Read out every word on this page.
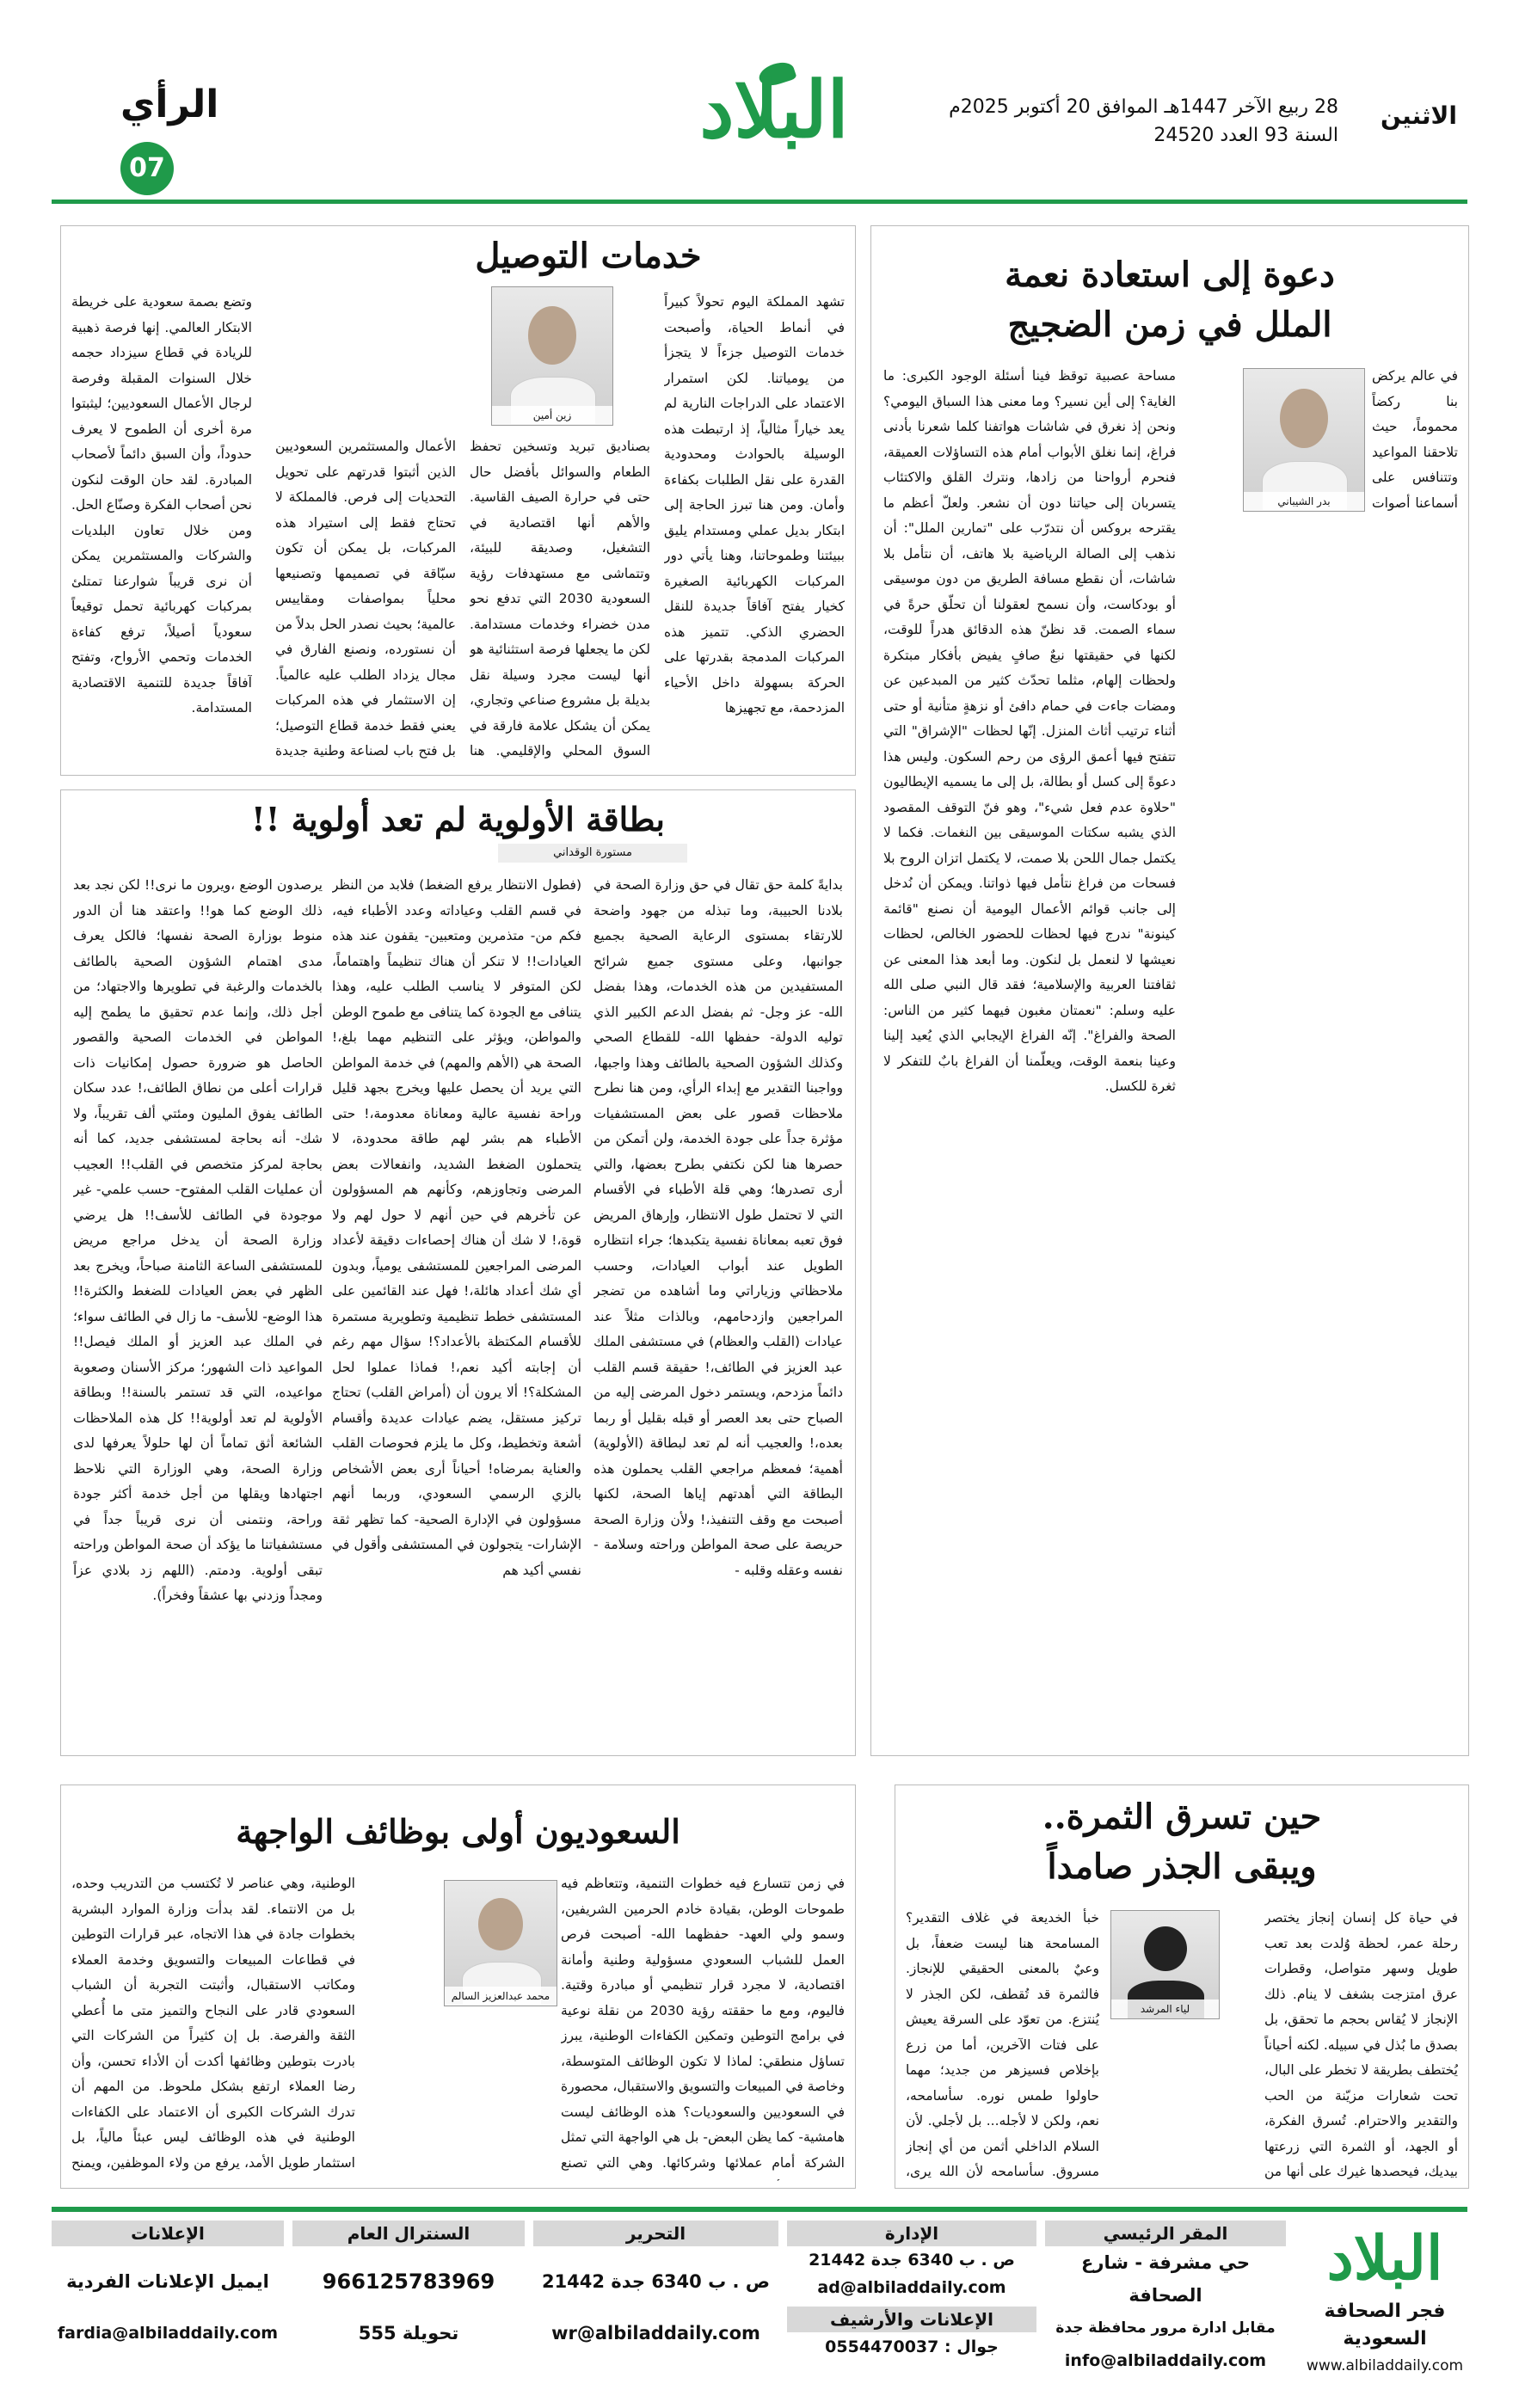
الاثنين
28 ربيع الآخر 1447هـ الموافق 20 أكتوبر 2025م
السنة 93 العدد 24520
البلاد
الرأي
07
خدمات التوصيل
زين أمين
تشهد المملكة اليوم تحولاً كبيراً في أنماط الحياة، وأصبحت خدمات التوصيل جزءاً لا يتجزأ من يومياتنا. لكن استمرار الاعتماد على الدراجات النارية لم يعد خياراً مثالياً، إذ ارتبطت هذه الوسيلة بالحوادث ومحدودية القدرة على نقل الطلبات بكفاءة وأمان. ومن هنا تبرز الحاجة إلى ابتكار بديل عملي ومستدام يليق ببيئتنا وطموحاتنا، وهنا يأتي دور المركبات الكهربائية الصغيرة كخيار يفتح آفاقاً جديدة للنقل الحضري الذكي. تتميز هذه المركبات المدمجة بقدرتها على الحركة بسهولة داخل الأحياء المزدحمة، مع تجهيزها
بصناديق تبريد وتسخين تحفظ الطعام والسوائل بأفضل حال حتى في حرارة الصيف القاسية. والأهم أنها اقتصادية في التشغيل، وصديقة للبيئة، وتتماشى مع مستهدفات رؤية السعودية 2030 التي تدفع نحو مدن خضراء وخدمات مستدامة. لكن ما يجعلها فرصة استثنائية هو أنها ليست مجرد وسيلة نقل بديلة بل مشروع صناعي وتجاري، يمكن أن يشكل علامة فارقة في السوق المحلي والإقليمي. هنا
الأعمال والمستثمرين السعوديين الذين أثبتوا قدرتهم على تحويل التحديات إلى فرص. فالمملكة لا تحتاج فقط إلى استيراد هذه المركبات، بل يمكن أن تكون سبّاقة في تصميمها وتصنيعها محلياً بمواصفات ومقاييس عالمية؛ بحيث نصدر الحل بدلاً من أن نستورده، ونصنع الفارق في مجال يزداد الطلب عليه عالمياً. إن الاستثمار في هذه المركبات يعني فقط خدمة قطاع التوصيل؛ بل فتح باب لصناعة وطنية جديدة
وتضع بصمة سعودية على خريطة الابتكار العالمي. إنها فرصة ذهبية للريادة في قطاع سيزداد حجمه خلال السنوات المقبلة وفرصة لرجال الأعمال السعوديين؛ ليثبتوا مرة أخرى أن الطموح لا يعرف حدوداً، وأن السبق دائماً لأصحاب المبادرة. لقد حان الوقت لنكون نحن أصحاب الفكرة وصنّاع الحل. ومن خلال تعاون البلديات والشركات والمستثمرين يمكن أن نرى قريباً شوارعنا تمتلئ بمركبات كهربائية تحمل توقيعاً سعودياً أصيلاً، ترفع كفاءة الخدمات وتحمي الأرواح، وتفتح آفاقاً جديدة للتنمية الاقتصادية المستدامة.
دعوة إلى استعادة نعمة
الملل في زمن الضجيج
بدر الشيباني
في عالم يركض بنا ركضاً محموماً، حيث تلاحقنا المواعيد وتتنافس على أسماعنا أصوات
مساحة عصبية توقظ فينا أسئلة الوجود الكبرى: ما الغاية؟ إلى أين نسير؟ وما معنى هذا السباق اليومي؟ ونحن إذ نغرق في شاشات هواتفنا كلما شعرنا بأدنى فراغ، إنما نغلق الأبواب أمام هذه التساؤلات العميقة، فنحرم أرواحنا من زادها، ونترك القلق والاكتئاب يتسربان إلى حياتنا دون أن نشعر. ولعلّ أعظم ما يقترحه بروكس أن نتدرّب على "تمارين الملل": أن نذهب إلى الصالة الرياضية بلا هاتف، أن نتأمل بلا شاشات، أن نقطع مسافة الطريق من دون موسيقى أو بودكاست، وأن نسمح لعقولنا أن تحلّق حرةً في سماء الصمت. قد نظنّ هذه الدقائق هدراً للوقت، لكنها في حقيقتها نبعٌ صافٍ يفيض بأفكار مبتكرة ولحظات إلهام، مثلما تحدّث كثير من المبدعين عن ومضات جاءت في حمام دافئ أو نزهةٍ متأنية أو حتى أثناء ترتيب أثاث المنزل. إنّها لحظات "الإشراق" التي تتفتح فيها أعمق الرؤى من رحم السكون. وليس هذا دعوةً إلى كسل أو بطالة، بل إلى ما يسميه الإيطاليون "حلاوة عدم فعل شيء"، وهو فنّ التوقف المقصود الذي يشبه سكتات الموسيقى بين النغمات. فكما لا يكتمل جمال اللحن بلا صمت، لا يكتمل اتزان الروح بلا فسحات من فراغ نتأمل فيها ذواتنا. ويمكن أن نُدخل إلى جانب قوائم الأعمال اليومية أن نصنع "قائمة كينونة" ندرج فيها لحظات للحضور الخالص، لحظات نعيشها لا لنعمل بل لنكون. وما أبعد هذا المعنى عن ثقافتنا العربية والإسلامية؛ فقد قال النبي صلى الله عليه وسلم: "نعمتان مغبون فيهما كثير من الناس: الصحة والفراغ". إنّه الفراغ الإيجابي الذي يُعيد إلينا وعينا بنعمة الوقت، ويعلّمنا أن الفراغ بابٌ للتفكر لا ثغرة للكسل.
بطاقة الأولوية لم تعد أولوية !!
مستورة الوقداني
بدايةً كلمة حق تقال في حق وزارة الصحة في بلادنا الحبيبة، وما تبذله من جهود واضحة للارتقاء بمستوى الرعاية الصحية بجميع جوانبها، وعلى مستوى جميع شرائح المستفيدين من هذه الخدمات، وهذا بفضل الله- عز وجل- ثم بفضل الدعم الكبير الذي توليه الدولة- حفظها الله- للقطاع الصحي وكذلك الشؤون الصحية بالطائف وهذا واجبها، وواجبنا التقدير مع إبداء الرأي، ومن هنا نطرح ملاحظات قصور على بعض المستشفيات مؤثرة جداً على جودة الخدمة، ولن أتمكن من حصرها هنا لكن نكتفي بطرح بعضها، والتي أرى تصدرها؛ وهي قلة الأطباء في الأقسام التي لا تحتمل طول الانتظار، وإرهاق المريض فوق تعبه بمعاناة نفسية يتكبدها؛ جراء انتظاره الطويل عند أبواب العيادات، وحسب ملاحظاتي وزياراتي وما أشاهده من تضجر المراجعين وازدحامهم، وبالذات مثلاً عند عيادات (القلب والعظام) في مستشفى الملك عبد العزيز في الطائف،! حقيقة قسم القلب دائماً مزدحم، ويستمر دخول المرضى إليه من الصباح حتى بعد العصر أو قبله بقليل أو ربما بعده،! والعجيب أنه لم تعد لبطاقة (الأولوية) أهمية؛ فمعظم مراجعي القلب يحملون هذه البطاقة التي أهدتهم إياها الصحة، لكنها أصبحت مع وقف التنفيذ،! ولأن وزارة الصحة حريصة على صحة المواطن وراحته وسلامة - نفسه وعقله وقلبه -
(فطول الانتظار يرفع الضغط) فلابد من النظر في قسم القلب وعياداته وعدد الأطباء فيه، فكم من- متذمرين ومتعبين- يقفون عند هذه العيادات!! لا تنكر أن هناك تنظيماً واهتماماً، لكن المتوفر لا يناسب الطلب عليه، وهذا يتنافى مع الجودة كما يتنافى مع طموح الوطن والمواطن، ويؤثر على التنظيم مهما بلغ،! الصحة هي (الأهم والمهم) في خدمة المواطن التي يريد أن يحصل عليها ويخرج بجهد قليل وراحة نفسية عالية ومعاناة معدومة،! حتى الأطباء هم بشر لهم طاقة محدودة، لا يتحملون الضغط الشديد، وانفعالات بعض المرضى وتجاوزهم، وكأنهم هم المسؤولون عن تأخرهم في حين أنهم لا حول لهم ولا قوة،! لا شك أن هناك إحصاءات دقيقة لأعداد المرضى المراجعين للمستشفى يومياً، وبدون أي شك أعداد هائلة،! فهل عند القائمين على المستشفى خطط تنظيمية وتطويرية مستمرة للأقسام المكتظة بالأعداد؟! سؤال مهم رغم أن إجابته أكيد نعم،! فماذا عملوا لحل المشكلة؟! ألا يرون أن (أمراض القلب) تحتاج تركيز مستقل، يضم عيادات عديدة وأقسام أشعة وتخطيط، وكل ما يلزم فحوصات القلب والعناية بمرضاه! أحياناً أرى بعض الأشخاص بالزي الرسمي السعودي، وربما أنهم مسؤولون في الإدارة الصحية- كما تظهر ثقة الإشارات- يتجولون في المستشفى وأقول في نفسي أكيد هم
يرصدون الوضع ،ويرون ما نرى!! لكن نجد بعد ذلك الوضع كما هو!! واعتقد هنا أن الدور منوط بوزارة الصحة نفسها؛ فالكل يعرف مدى اهتمام الشؤون الصحية بالطائف بالخدمات والرغبة في تطويرها والاجتهاد؛ من أجل ذلك، وإنما عدم تحقيق ما يطمح إليه المواطن في الخدمات الصحية والقصور الحاصل هو ضرورة حصول إمكانيات ذات قرارات أعلى من نطاق الطائف،! عدد سكان الطائف يفوق المليون ومئتي ألف تقريباً، ولا شك- أنه بحاجة لمستشفى جديد، كما أنه بحاجة لمركز متخصص في القلب!! العجيب أن عمليات القلب المفتوح- حسب علمي- غير موجودة في الطائف للأسف!! هل يرضي وزارة الصحة أن يدخل مراجع مريض للمستشفى الساعة الثامنة صباحاً، ويخرج بعد الظهر في بعض العيادات للضغط والكثرة!! هذا الوضع- للأسف- ما زال في الطائف سواء؛ في الملك عبد العزيز أو الملك فيصل!! المواعيد ذات الشهور؛ مركز الأسنان وصعوبة مواعيده، التي قد تستمر بالسنة!! وبطاقة الأولوية لم تعد أولوية!! كل هذه الملاحظات الشائعة أثق تماماً أن لها حلولاً يعرفها لدى وزارة الصحة، وهي الوزارة التي نلاحظ اجتهادها ويقلها من أجل خدمة أكثر جودة وراحة، ونتمنى أن نرى قريباً جداً في مستشفياتنا ما يؤكد أن صحة المواطن وراحته تبقى أولوية. ودمتم. (اللهم زد بلادي عزاً ومجداً وزدني بها عشقاً وفخراً).
حين تسرق الثمرة..
ويبقى الجذر صامداً
لياء المرشد
في حياة كل إنسان إنجاز يختصر رحلة عمر، لحظة وُلدت بعد تعب طويل وسهر متواصل، وقطرات عرق امتزجت بشغف لا ينام. ذلك الإنجاز لا يُقاس بحجم ما تحقق، بل بصدق ما بُذل في سبيله. لكنه أحياناً يُختطف بطريقة لا تخطر على البال، تحت شعارات مزيّنة من الحب والتقدير والاحترام. تُسرق الفكرة، أو الجهد، أو الثمرة التي زرعتها بيديك، فيحصدها غيرك على أنها من
خبأ الخديعة في غلاف التقدير؟ المسامحة هنا ليست ضعفاً، بل وعيٌ بالمعنى الحقيقي للإنجاز. فالثمرة قد تُقطف، لكن الجذر لا يُنتزع. من تعوّد على السرقة يعيش على فتات الآخرين، أما من زرع بإخلاص فسيزهر من جديد؛ مهما حاولوا طمس نوره. سأسامحه، نعم، ولكن لا لأجله... بل لأجلي. لأن السلام الداخلي أثمن من أي إنجاز مسروق. سأسامحه لأن الله يرى،
السعوديون أولى بوظائف الواجهة
محمد عبدالعزيز السالم
في زمن تتسارع فيه خطوات التنمية، وتتعاظم فيه طموحات الوطن، بقيادة خادم الحرمين الشريفين، وسمو ولي العهد- حفظهما الله- أصبحت فرص العمل للشباب السعودي مسؤولية وطنية وأمانة اقتصادية، لا مجرد قرار تنظيمي أو مبادرة وقتية. فاليوم، ومع ما حققته رؤية 2030 من نقلة نوعية في برامج التوطين وتمكين الكفاءات الوطنية، يبرز تساؤل منطقي: لماذا لا تكون الوظائف المتوسطة، وخاصة في المبيعات والتسويق والاستقبال، محصورة في السعوديين والسعوديات؟ هذه الوظائف ليست هامشية- كما يظن البعض- بل هي الواجهة التي تمثل الشركة أمام عملائها وشركائها. وهي التي تصنع
الوطنية، وهي عناصر لا تُكتسب من التدريب وحده، بل من الانتماء. لقد بدأت وزارة الموارد البشرية بخطوات جادة في هذا الاتجاه، عبر قرارات التوطين في قطاعات المبيعات والتسويق وخدمة العملاء ومكاتب الاستقبال، وأثبتت التجربة أن الشباب السعودي قادر على النجاح والتميز متى ما أُعطي الثقة والفرصة. بل إن كثيراً من الشركات التي بادرت بتوطين وظائفها أكدت أن الأداء تحسن، وأن رضا العملاء ارتفع بشكل ملحوظ. من المهم أن تدرك الشركات الكبرى أن الاعتماد على الكفاءات الوطنية في هذه الوظائف ليس عبئاً مالياً، بل استثمار طويل الأمد، يرفع من ولاء الموظفين، ويمنح
البلاد
فجر الصحافة السعودية
www.albiladdaily.com
المقر الرئيسي
حي مشرفة - شارع الصحافة
مقابل ادارة مرور محافظة جدة
info@albiladdaily.com
الإدارة
ص . ب 6340 جدة 21442
ad@albiladdaily.com
الإعلانات والأرشيف
جوال : 0554470037
التحرير
ص . ب 6340 جدة 21442
wr@albiladdaily.com
السنترال العام
966125783969
تحويلة 555
الإعلانات
ايميل الإعلانات الفردية
fardia@albiladdaily.com
